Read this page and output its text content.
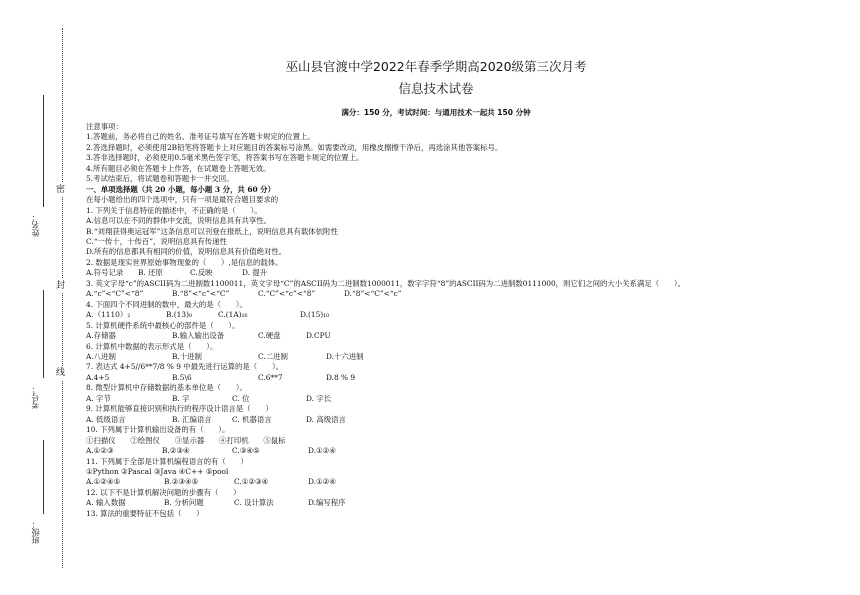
密
封
线
姓名：
考号：
班级：
巫山县官渡中学2022年春季学期高2020级第三次月考
信息技术试卷
满分：150 分，考试时间：与通用技术一起共 150 分钟
注意事项：
1.答题前，务必将自己的姓名、准考证号填写在答题卡规定的位置上。
2.答选择题时，必须使用2B铅笔将答题卡上对应题目的答案标号涂黑。如需要改动，用橡皮擦擦干净后，再选涂其他答案标号。
3.答非选择题时，必须使用0.5毫米黑色签字笔，将答案书写在答题卡规定的位置上。
4.所有题目必须在答题卡上作答，在试题卷上答题无效。
5.考试结束后，将试题卷和答题卡一并交回。
一、单项选择题（共 20 小题，每小题 3 分，共 60 分）
在每小题给出的四个选项中，只有一项是最符合题目要求的
1. 下列关于信息特征的描述中，不正确的是（　　）。
A.信息可以在不同的群体中交流，说明信息具有共享性。
B.“刘翔获得奥运冠军”这条信息可以刊登在报纸上，说明信息具有载体依附性
C.“一传十，十传百”，说明信息具有传递性
D.所有的信息都具有相同的价值，说明信息具有价值绝对性。
2. 数据是现实世界原始事物现象的（　　）,是信息的载体。
A.符号记录	B. 还原	C.反映	D. 提升
3. 英文字母“c”的ASCII码为二进制数1100011，英文字母“C”的ASCII码为二进制数1000011，数字字符“8”的ASCII码为二进制数0111000，则它们之间的大小关系满足（　　）。
A.“c”<“C”<“8”	B.“8”<“c”<“C”	C.“C”<“c”<“8”	D.“8”<“C”<“c”
4. 下面四个不同进制的数中，最大的是（　　）。
A.（1110）₂	B.(13)₈	C.(1A)₁₆	D.(15)₁₀
5. 计算机硬件系统中最核心的部件是（　　）。
A.存储器	B.输入输出设备	C.硬盘	D.CPU
6. 计算机中数据的表示形式是（　　）。
A.八进制	B.十进制	C.二进制	D.十六进制
7. 表达式 4+5//6**7/8 % 9 中最先进行运算的是（　　）。
A.4+5	B.5\6	C.6**7	D.8 % 9
8. 微型计算机中存储数据的基本单位是（　　）。
A. 字节	B. 字	C. 位	D. 字长
9. 计算机能够直接识别和执行的程序设计语言是（　　）
A. 低级语言	B. 汇编语言	C. 机器语言	D. 高级语言
10. 下列属于计算机输出设备的有（　　）。
①扫描仪　　②绘图仪　　③显示器　　④打印机　　⑤鼠标
A.①②③	B.②③④	C.③④⑤	D.①②④
11. 下列属于全部是计算机编程语言的有（　　）
①Python ②Pascal ③Java ④C++ ⑤pool
A.①②④⑤	B.②③④⑤	C.①②③④	D.①②④
12. 以下不是计算机解决问题的步骤有（　　）
A. 输入数据	B. 分析问题	C. 设计算法	D.编写程序
13. 算法的重要特征不包括（　　）
